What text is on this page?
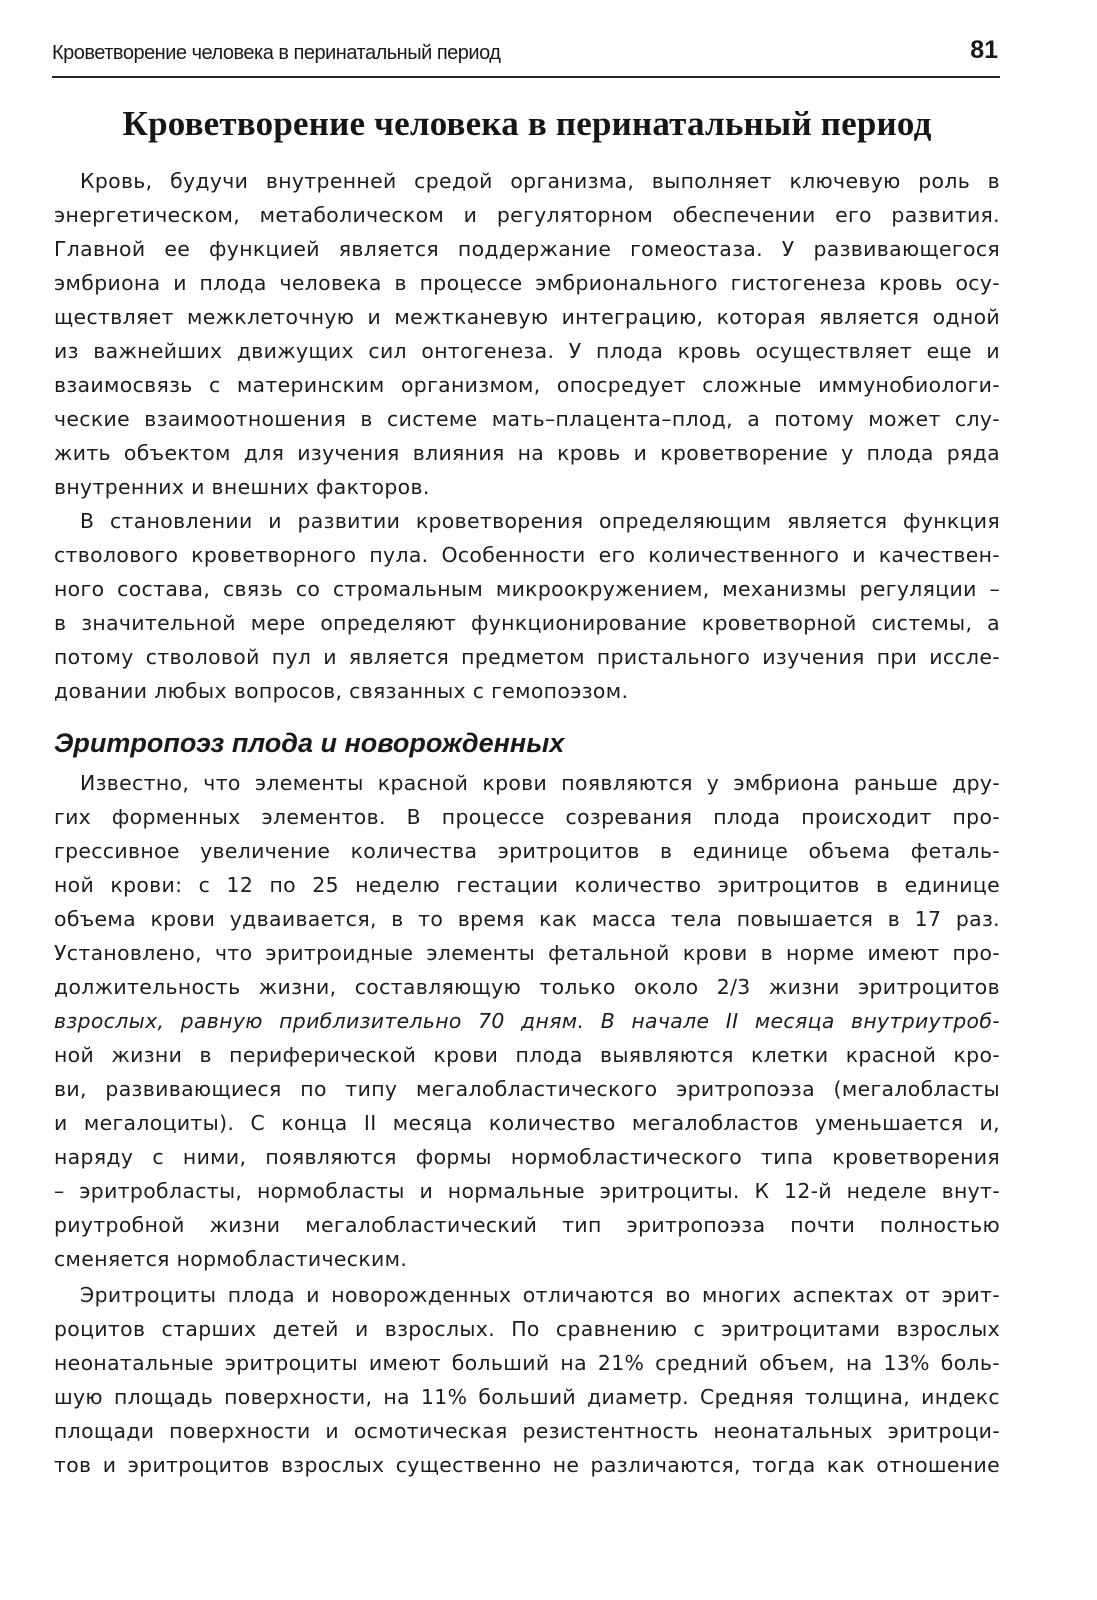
Кроветворение человека в перинатальный период	81
Кроветворение человека в перинатальный период
Кровь, будучи внутренней средой организма, выполняет ключевую роль в
энергетическом, метаболическом и регуляторном обеспечении его развития.
Главной ее функцией является поддержание гомеостаза. У развивающегося
эмбриона и плода человека в процессе эмбрионального гистогенеза кровь осу-
ществляет межклеточную и межтканевую интеграцию, которая является одной
из важнейших движущих сил онтогенеза. У плода кровь осуществляет еще и
взаимосвязь с материнским организмом, опосредует сложные иммунобиологи-
ческие взаимоотношения в системе мать–плацента–плод, а потому может слу-
жить объектом для изучения влияния на кровь и кроветворение у плода ряда
внутренних и внешних факторов.
В становлении и развитии кроветворения определяющим является функция
стволового кроветворного пула. Особенности его количественного и качествен-
ного состава, связь со стромальным микроокружением, механизмы регуляции –
в значительной мере определяют функционирование кроветворной системы, а
потому стволовой пул и является предметом пристального изучения при иссле-
довании любых вопросов, связанных с гемопоэзом.
Эритропоэз плода и новорожденных
Известно, что элементы красной крови появляются у эмбриона раньше дру-
гих форменных элементов. В процессе созревания плода происходит про-
грессивное увеличение количества эритроцитов в единице объема феталь-
ной крови: с 12 по 25 неделю гестации количество эритроцитов в единице
объема крови удваивается, в то время как масса тела повышается в 17 раз.
Установлено, что эритроидные элементы фетальной крови в норме имеют про-
должительность жизни, составляющую только около 2/3 жизни эритроцитов
взрослых, равную приблизительно 70 дням. В начале II месяца внутриутроб-
ной жизни в периферической крови плода выявляются клетки красной кро-
ви, развивающиеся по типу мегалобластического эритропоэза (мегалобласты
и мегалоциты). С конца II месяца количество мегалобластов уменьшается и,
наряду с ними, появляются формы нормобластического типа кроветворения
– эритробласты, нормобласты и нормальные эритроциты. К 12-й неделе внут-
риутробной жизни мегалобластический тип эритропоэза почти полностью
сменяется нормобластическим.
Эритроциты плода и новорожденных отличаются во многих аспектах от эрит-
роцитов старших детей и взрослых. По сравнению с эритроцитами взрослых
неонатальные эритроциты имеют больший на 21% средний объем, на 13% боль-
шую площадь поверхности, на 11% больший диаметр. Средняя толщина, индекс
площади поверхности и осмотическая резистентность неонатальных эритроци-
тов и эритроцитов взрослых существенно не различаются, тогда как отношение
